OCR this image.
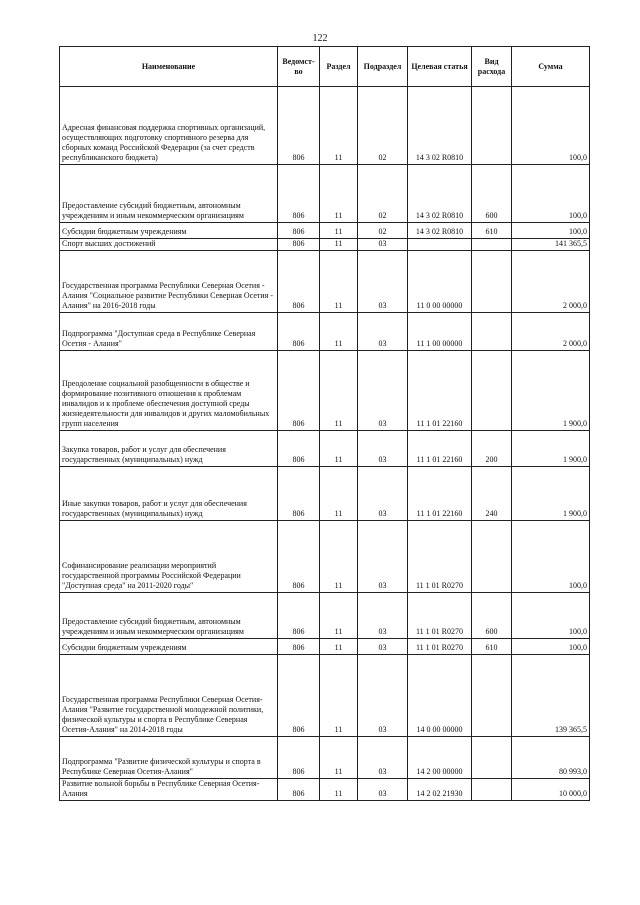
122
Наименование	Ведомст-во	Раздел	Подраздел	Целевая статья	Вид расхода	Сумма
Адресная финансовая поддержка спортивных организаций, осуществляющих подготовку спортивного резерва для сборных команд Российской Федерации (за счет средств республиканского бюджета)	806	11	02	14 3 02 R0810		100,0
Предоставление субсидий бюджетным, автономным учреждениям и иным некоммерческим организациям	806	11	02	14 3 02 R0810	600	100,0
Субсидии бюджетным учреждениям	806	11	02	14 3 02 R0810	610	100,0
Спорт высших достижений	806	11	03			141 365,5
Государственная программа Республики Северная Осетия - Алания "Социальное развитие Республики Северная Осетия - Алания" на 2016-2018 годы	806	11	03	11 0 00 00000		2 000,0
Подпрограмма "Доступная среда в Республике Северная Осетия - Алания"	806	11	03	11 1 00 00000		2 000,0
Преодоление социальной разобщенности в обществе и формирование позитивного отношения к проблемам инвалидов и к проблеме обеспечения доступной среды жизнедеятельности для инвалидов и других маломобильных групп населения	806	11	03	11 1 01 22160		1 900,0
Закупка товаров, работ и услуг для обеспечения государственных (муниципальных) нужд	806	11	03	11 1 01 22160	200	1 900,0
Иные закупки товаров, работ и услуг для обеспечения государственных (муниципальных) нужд	806	11	03	11 1 01 22160	240	1 900,0
Софинансирование реализации мероприятий государственной программы Российской Федерации "Доступная среда" на 2011-2020 годы"	806	11	03	11 1 01 R0270		100,0
Предоставление субсидий бюджетным, автономным учреждениям и иным некоммерческим организациям	806	11	03	11 1 01 R0270	600	100,0
Субсидии бюджетным учреждениям	806	11	03	11 1 01 R0270	610	100,0
Государственная программа Республики Северная Осетия-Алания "Развитие государственной молодежной политики, физической культуры и спорта в Республике Северная Осетия-Алания" на 2014-2018 годы	806	11	03	14 0 00 00000		139 365,5
Подпрограмма "Развитие физической культуры и спорта в Республике Северная Осетия-Алания"	806	11	03	14 2 00 00000		80 993,0
Развитие вольной борьбы в Республике Северная Осетия-Алания	806	11	03	14 2 02 21930		10 000,0
